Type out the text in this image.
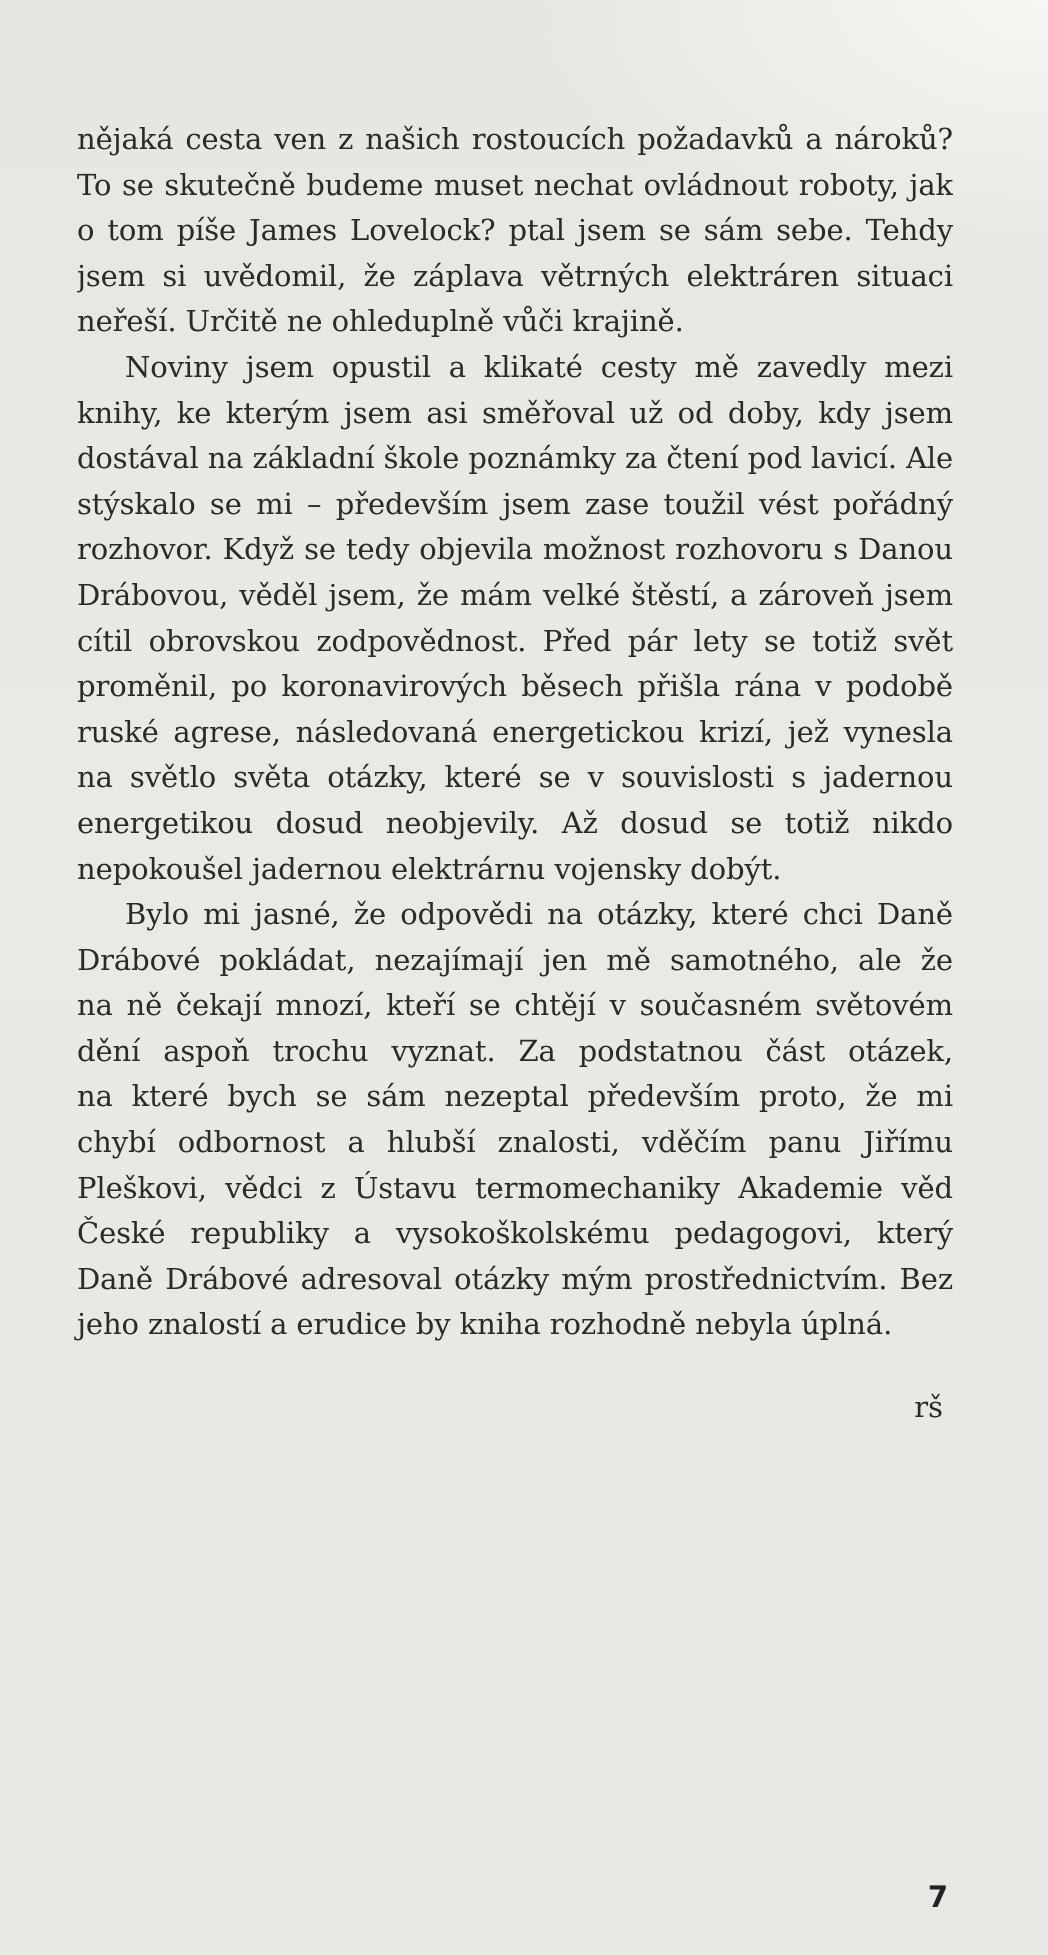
nějaká cesta ven z našich rostoucích požadavků a nároků?
To se skutečně budeme muset nechat ovládnout roboty, jak
o tom píše James Lovelock? ptal jsem se sám sebe. Tehdy
jsem si uvědomil, že záplava větrných elektráren situaci
neřeší. Určitě ne ohleduplně vůči krajině.
Noviny jsem opustil a klikaté cesty mě zavedly mezi
knihy, ke kterým jsem asi směřoval už od doby, kdy jsem
dostával na základní škole poznámky za čtení pod lavicí. Ale
stýskalo se mi – především jsem zase toužil vést pořádný
rozhovor. Když se tedy objevila možnost rozhovoru s Danou
Drábovou, věděl jsem, že mám velké štěstí, a zároveň jsem
cítil obrovskou zodpovědnost. Před pár lety se totiž svět
proměnil, po koronavirových běsech přišla rána v podobě
ruské agrese, následovaná energetickou krizí, jež vynesla
na světlo světa otázky, které se v souvislosti s jadernou
energetikou dosud neobjevily. Až dosud se totiž nikdo
nepokoušel jadernou elektrárnu vojensky dobýt.
Bylo mi jasné, že odpovědi na otázky, které chci Daně
Drábové pokládat, nezajímají jen mě samotného, ale že
na ně čekají mnozí, kteří se chtějí v současném světovém
dění aspoň trochu vyznat. Za podstatnou část otázek,
na které bych se sám nezeptal především proto, že mi
chybí odbornost a hlubší znalosti, vděčím panu Jiřímu
Pleškovi, vědci z Ústavu termomechaniky Akademie věd
České republiky a vysokoškolskému pedagogovi, který
Daně Drábové adresoval otázky mým prostřednictvím. Bez
jeho znalostí a erudice by kniha rozhodně nebyla úplná.
rš
7
